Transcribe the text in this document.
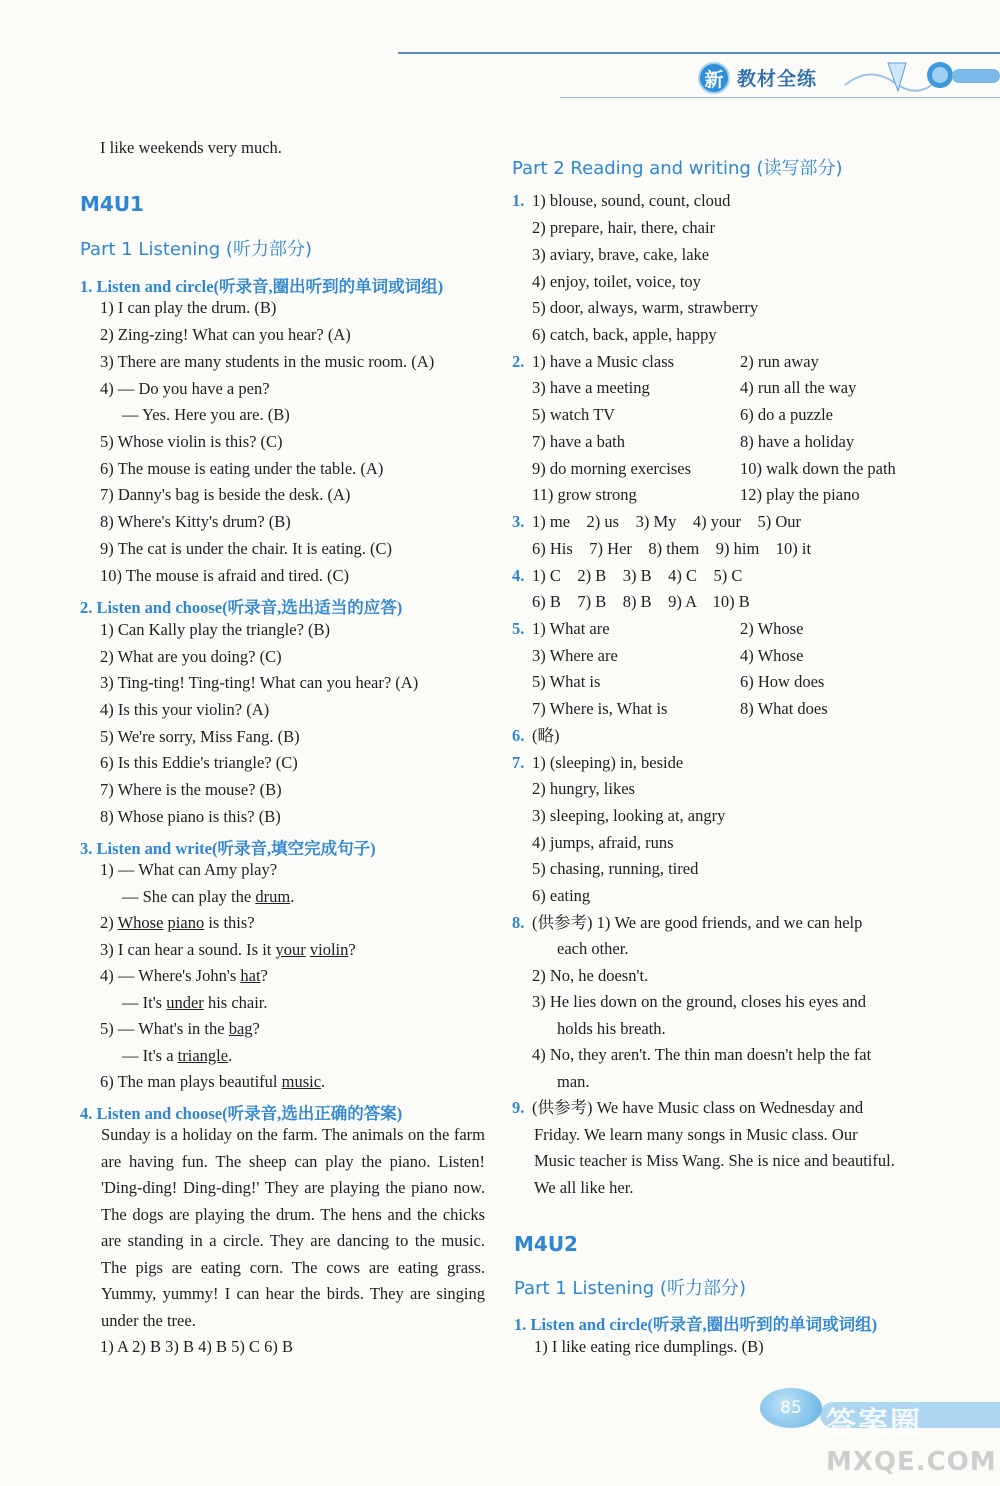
新 教材全练
I like weekends very much.
M4U1
Part 1 Listening (听力部分)
1. Listen and circle(听录音,圈出听到的单词或词组)
1) I can play the drum. (B)
2) Zing-zing! What can you hear? (A)
3) There are many students in the music room. (A)
4) — Do you have a pen?
— Yes. Here you are. (B)
5) Whose violin is this? (C)
6) The mouse is eating under the table. (A)
7) Danny's bag is beside the desk. (A)
8) Where's Kitty's drum? (B)
9) The cat is under the chair. It is eating. (C)
10) The mouse is afraid and tired. (C)
2. Listen and choose(听录音,选出适当的应答)
1) Can Kally play the triangle? (B)
2) What are you doing? (C)
3) Ting-ting! Ting-ting! What can you hear? (A)
4) Is this your violin? (A)
5) We're sorry, Miss Fang. (B)
6) Is this Eddie's triangle? (C)
7) Where is the mouse? (B)
8) Whose piano is this? (B)
3. Listen and write(听录音,填空完成句子)
1) — What can Amy play?
— She can play the drum.
2) Whose piano is this?
3) I can hear a sound. Is it your violin?
4) — Where's John's hat?
— It's under his chair.
5) — What's in the bag?
— It's a triangle.
6) The man plays beautiful music.
4. Listen and choose(听录音,选出正确的答案)
Sunday is a holiday on the farm. The animals on the farm are having fun. The sheep can play the piano. Listen! 'Ding-ding! Ding-ding!' They are playing the piano now. The dogs are playing the drum. The hens and the chicks are standing in a circle. They are dancing to the music. The pigs are eating corn. The cows are eating grass. Yummy, yummy! I can hear the birds. They are singing under the tree.
1) A 2) B 3) B 4) B 5) C 6) B
Part 2 Reading and writing (读写部分)
1. 1) blouse, sound, count, cloud
2) prepare, hair, there, chair
3) aviary, brave, cake, lake
4) enjoy, toilet, voice, toy
5) door, always, warm, strawberry
6) catch, back, apple, happy
2. 1) have a Music class	2) run away
3) have a meeting	4) run all the way
5) watch TV	6) do a puzzle
7) have a bath	8) have a holiday
9) do morning exercises	10) walk down the path
11) grow strong	12) play the piano
3. 1) me    2) us    3) My    4) your    5) Our
6) His    7) Her    8) them    9) him    10) it
4. 1) C    2) B    3) B    4) C    5) C
6) B    7) B    8) B    9) A    10) B
5. 1) What are	2) Whose
3) Where are	4) Whose
5) What is	6) How does
7) Where is, What is	8) What does
6. (略)
7. 1) (sleeping) in, beside
2) hungry, likes
3) sleeping, looking at, angry
4) jumps, afraid, runs
5) chasing, running, tired
6) eating
8. (供参考) 1) We are good friends, and we can help
each other.
2) No, he doesn't.
3) He lies down on the ground, closes his eyes and
holds his breath.
4) No, they aren't. The thin man doesn't help the fat
man.
9. (供参考) We have Music class on Wednesday and
Friday. We learn many songs in Music class. Our
Music teacher is Miss Wang. She is nice and beautiful.
We all like her.
M4U2
Part 1 Listening (听力部分)
1. Listen and circle(听录音,圈出听到的单词或词组)
1) I like eating rice dumplings. (B)
85 答案圈
MXQE.COM
